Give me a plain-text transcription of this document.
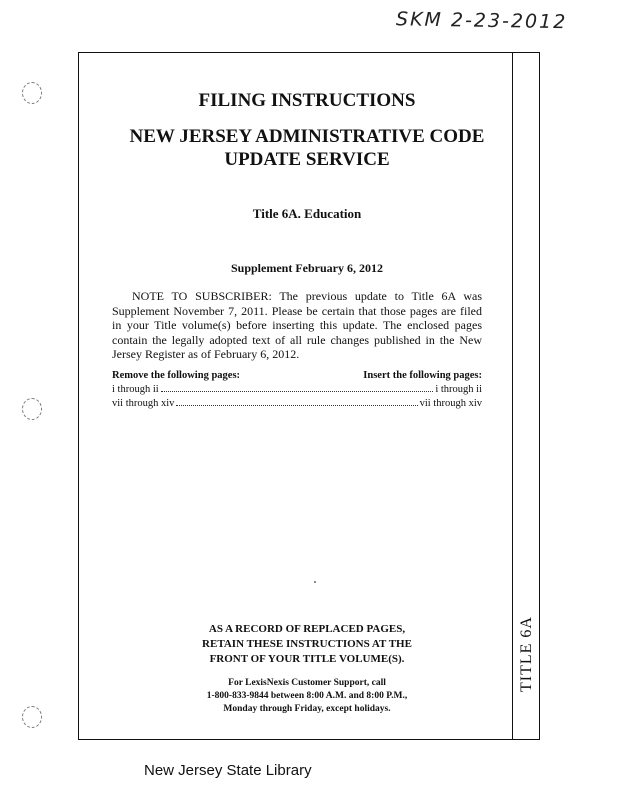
SKM 2-23-2012
TITLE 6A
FILING INSTRUCTIONS
NEW JERSEY ADMINISTRATIVE CODE
UPDATE SERVICE
Title 6A. Education
Supplement February 6, 2012
NOTE TO SUBSCRIBER: The previous update to Title 6A was Supplement November 7, 2011. Please be certain that those pages are filed in your Title volume(s) before inserting this update. The enclosed pages contain the legally adopted text of all rule changes published in the New Jersey Register as of February 6, 2012.
Remove the following pages:	Insert the following pages:
i through ii	i through ii
vii through xiv	vii through xiv
AS A RECORD OF REPLACED PAGES,
RETAIN THESE INSTRUCTIONS AT THE
FRONT OF YOUR TITLE VOLUME(S).
For LexisNexis Customer Support, call
1-800-833-9844 between 8:00 A.M. and 8:00 P.M.,
Monday through Friday, except holidays.
New Jersey State Library
